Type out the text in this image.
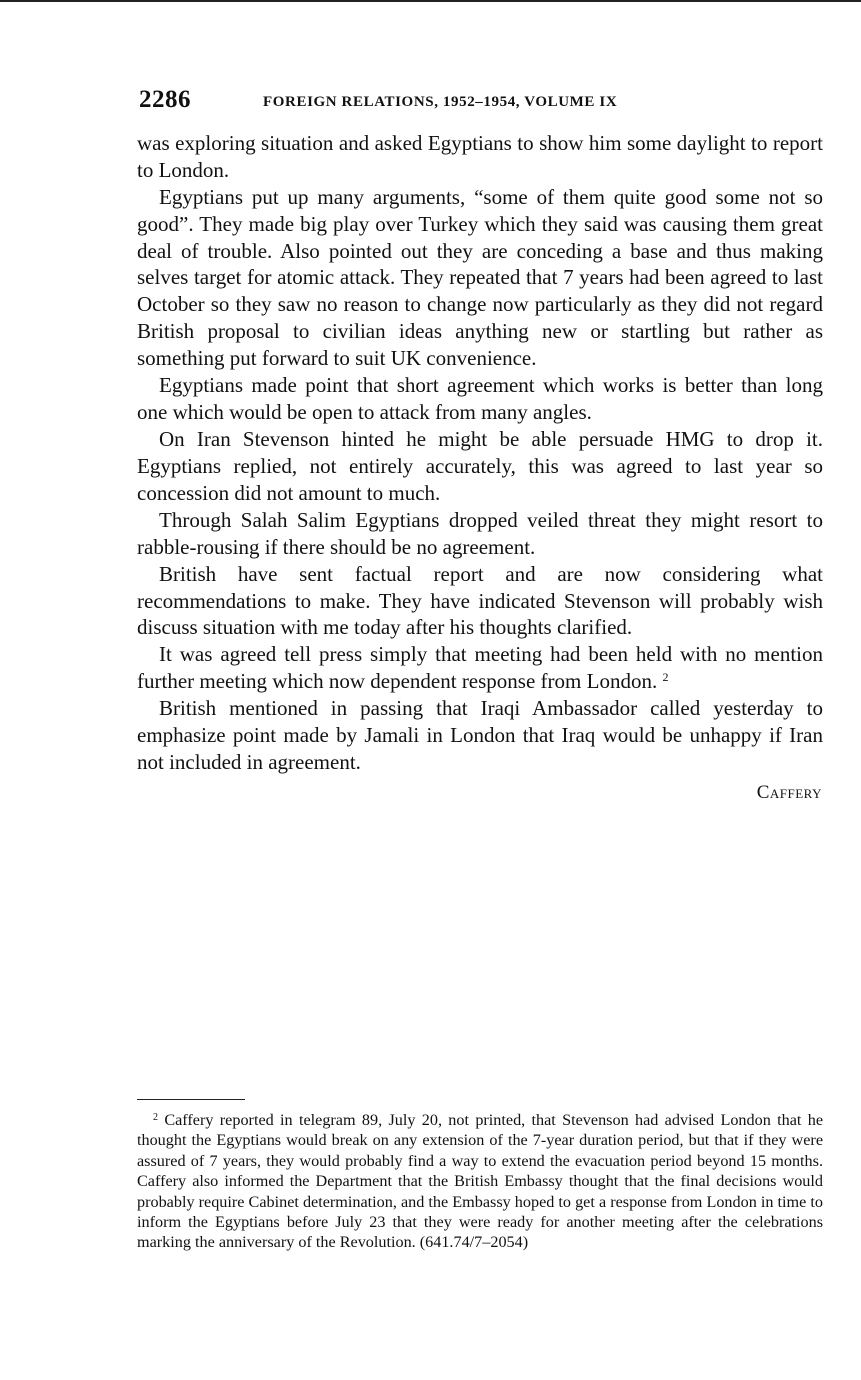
2286	FOREIGN RELATIONS, 1952–1954, VOLUME IX

was exploring situation and asked Egyptians to show him some daylight to report to London.

Egyptians put up many arguments, “some of them quite good some not so good”. They made big play over Turkey which they said was causing them great deal of trouble. Also pointed out they are conceding a base and thus making selves target for atomic attack. They repeated that 7 years had been agreed to last October so they saw no reason to change now particularly as they did not regard British proposal to civilian ideas anything new or startling but rather as something put forward to suit UK convenience.

Egyptians made point that short agreement which works is better than long one which would be open to attack from many angles.

On Iran Stevenson hinted he might be able persuade HMG to drop it. Egyptians replied, not entirely accurately, this was agreed to last year so concession did not amount to much.

Through Salah Salim Egyptians dropped veiled threat they might resort to rabble-rousing if there should be no agreement.

British have sent factual report and are now considering what recommendations to make. They have indicated Stevenson will probably wish discuss situation with me today after his thoughts clarified.

It was agreed tell press simply that meeting had been held with no mention further meeting which now dependent response from London. $^2$

British mentioned in passing that Iraqi Ambassador called yesterday to emphasize point made by Jamali in London that Iraq would be unhappy if Iran not included in agreement.

Caffery
$^2$ Caffery reported in telegram 89, July 20, not printed, that Stevenson had advised London that he thought the Egyptians would break on any extension of the 7-year duration period, but that if they were assured of 7 years, they would probably find a way to extend the evacuation period beyond 15 months. Caffery also informed the Department that the British Embassy thought that the final decisions would probably require Cabinet determination, and the Embassy hoped to get a response from London in time to inform the Egyptians before July 23 that they were ready for another meeting after the celebrations marking the anniversary of the Revolution. (641.74/7–2054)
